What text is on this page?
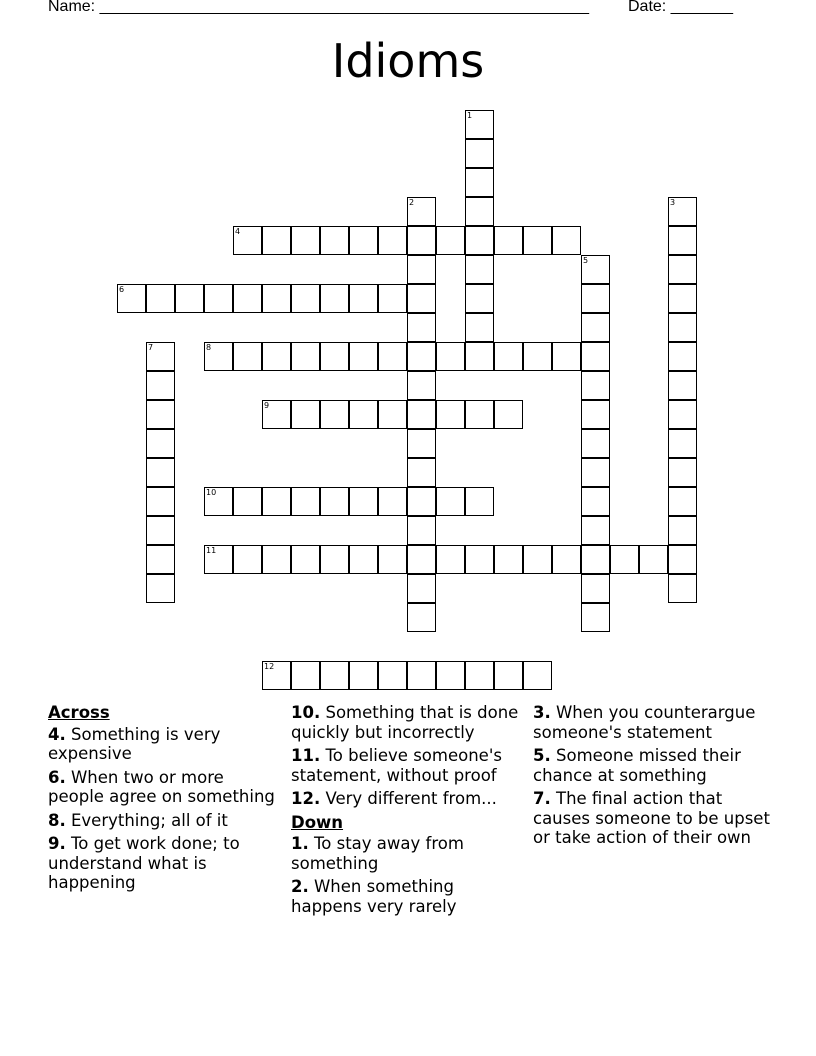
Name: _______________________________________________________ Date: _______
Idioms
1
2	3
4
5
6
7	8
9
10
11
12
Across
4. Something is very expensive
6. When two or more people agree on something
8. Everything; all of it
9. To get work done; to understand what is happening
10. Something that is done quickly but incorrectly
11. To believe someone's statement, without proof
12. Very different from...
Down
1. To stay away from something
2. When something happens very rarely
3. When you counterargue someone's statement
5. Someone missed their chance at something
7. The final action that causes someone to be upset or take action of their own
